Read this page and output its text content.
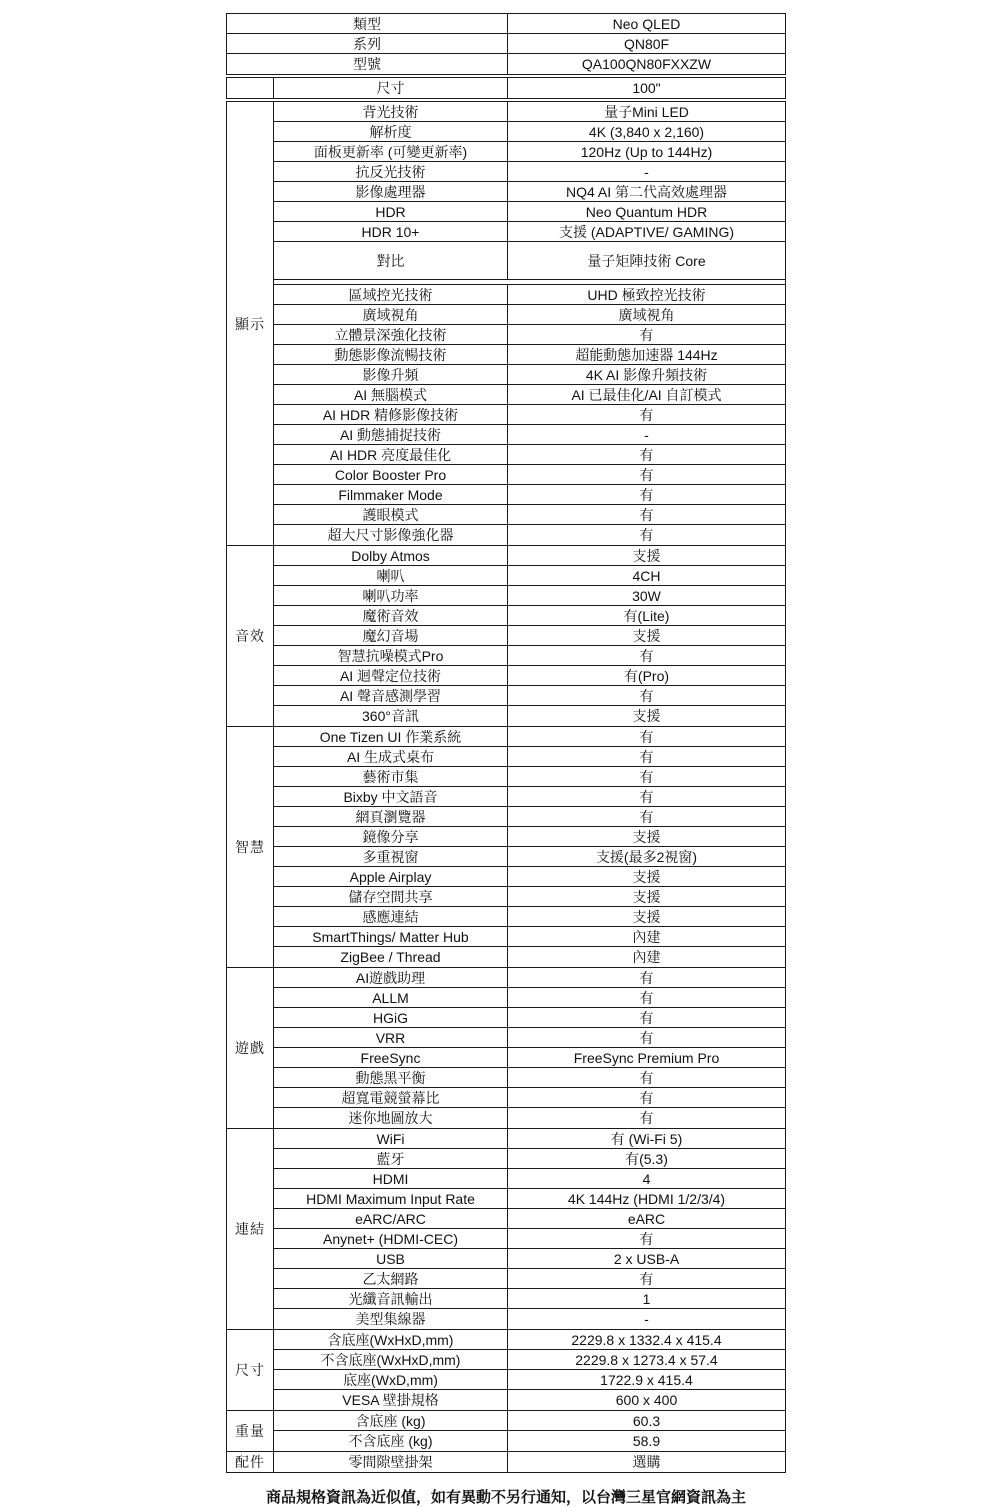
類型	Neo QLED
系列	QN80F
型號	QA100QN80FXXZW
尺寸	100"
顯示
背光技術	量子Mini LED
解析度	4K (3,840 x 2,160)
面板更新率 (可變更新率)	120Hz (Up to 144Hz)
抗反光技術	-
影像處理器	NQ4 AI 第二代高效處理器
HDR	Neo Quantum HDR
HDR 10+	支援 (ADAPTIVE/ GAMING)
對比	量子矩陣技術 Core
區域控光技術	UHD 極致控光技術
廣域視角	廣域視角
立體景深強化技術	有
動態影像流暢技術	超能動態加速器 144Hz
影像升頻	4K AI 影像升頻技術
AI 無腦模式	AI 已最佳化/AI 自訂模式
AI HDR 精修影像技術	有
AI 動態捕捉技術	-
AI HDR 亮度最佳化	有
Color Booster Pro	有
Filmmaker Mode	有
護眼模式	有
超大尺寸影像強化器	有
音效
Dolby Atmos	支援
喇叭	4CH
喇叭功率	30W
魔術音效	有(Lite)
魔幻音場	支援
智慧抗噪模式Pro	有
AI 迴聲定位技術	有(Pro)
AI 聲音感測學習	有
360°音訊	支援
智慧
One Tizen UI 作業系統	有
AI 生成式桌布	有
藝術市集	有
Bixby 中文語音	有
網頁瀏覽器	有
鏡像分享	支援
多重視窗	支援(最多2視窗)
Apple Airplay	支援
儲存空間共享	支援
感應連結	支援
SmartThings/ Matter Hub	內建
ZigBee / Thread	內建
遊戲
AI遊戲助理	有
ALLM	有
HGiG	有
VRR	有
FreeSync	FreeSync Premium Pro
動態黑平衡	有
超寬電競螢幕比	有
迷你地圖放大	有
連結
WiFi	有 (Wi-Fi 5)
藍牙	有(5.3)
HDMI	4
HDMI Maximum Input Rate	4K 144Hz (HDMI 1/2/3/4)
eARC/ARC	eARC
Anynet+ (HDMI-CEC)	有
USB	2 x USB-A
乙太網路	有
光纖音訊輸出	1
美型集線器	-
尺寸
含底座(WxHxD,mm)	2229.8 x 1332.4 x 415.4
不含底座(WxHxD,mm)	2229.8 x 1273.4 x 57.4
底座(WxD,mm)	1722.9 x 415.4
VESA 壁掛規格	600 x 400
重量
含底座 (kg)	60.3
不含底座 (kg)	58.9
配件	零間隙壁掛架	選購
商品規格資訊為近似值，如有異動不另行通知，以台灣三星官網資訊為主
